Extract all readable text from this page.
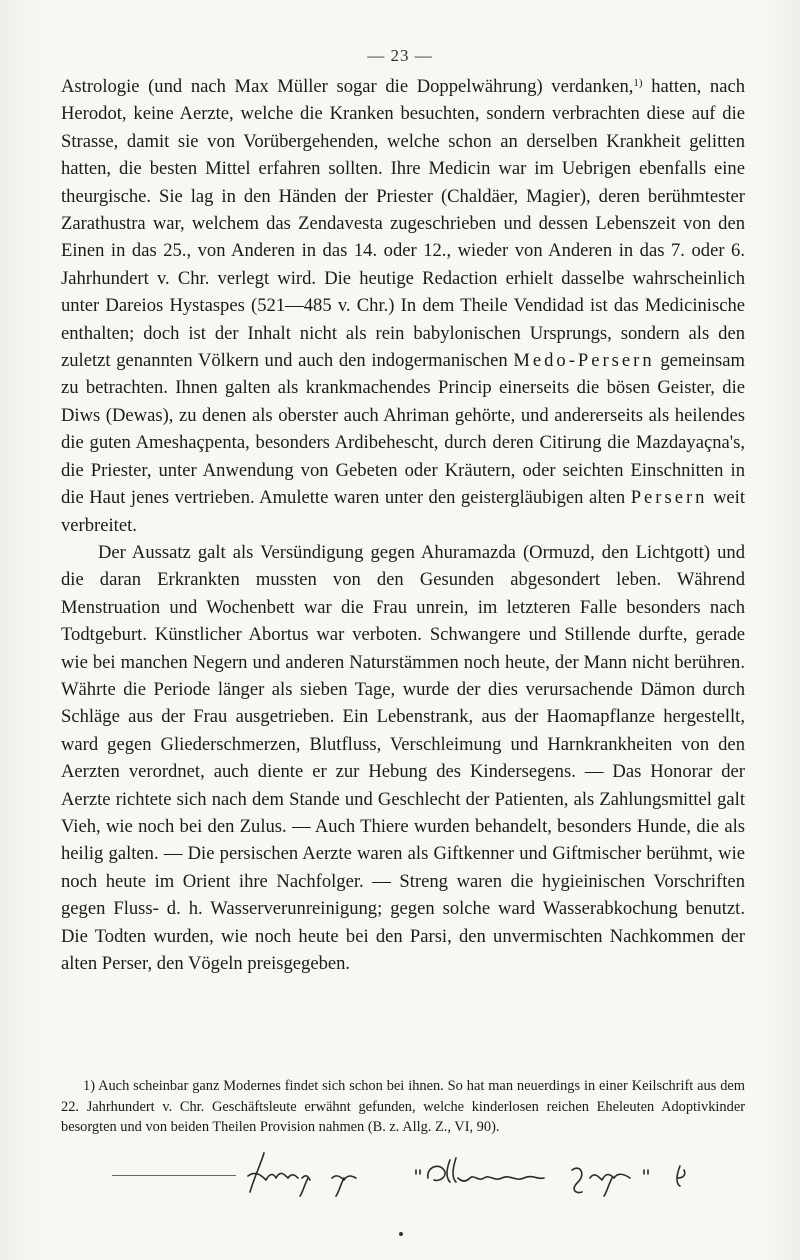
— 23 —

Astrologie (und nach Max Müller sogar die Doppelwährung) verdanken,$^{1)}$ hatten, nach Herodot, keine Aerzte, welche die Kranken besuchten, sondern verbrachten diese auf die Strasse, damit sie von Vorübergehenden, welche schon an derselben Krankheit gelitten hatten, die besten Mittel erfahren sollten. Ihre Medicin war im Uebrigen ebenfalls eine theurgische. Sie lag in den Händen der Priester (Chaldäer, Magier), deren berühmtester Zarathustra war, welchem das Zendavesta zugeschrieben und dessen Lebenszeit von den Einen in das 25., von Anderen in das 14. oder 12., wieder von Anderen in das 7. oder 6. Jahrhundert v. Chr. verlegt wird. Die heutige Redaction erhielt dasselbe wahrscheinlich unter Dareios Hystaspes (521—485 v. Chr.) In dem Theile Vendidad ist das Medicinische enthalten; doch ist der Inhalt nicht als rein babylonischen Ursprungs, sondern als den zuletzt genannten Völkern und auch den indogermanischen Medo-Persern gemeinsam zu betrachten. Ihnen galten als krankmachendes Princip einerseits die bösen Geister, die Diws (Dewas), zu denen als oberster auch Ahriman gehörte, und andererseits als heilendes die guten Ameshaçpenta, besonders Ardibehescht, durch deren Citirung die Mazdayaçna's, die Priester, unter Anwendung von Gebeten oder Kräutern, oder seichten Einschnitten in die Haut jenes vertrieben. Amulette waren unter den geistergläubigen alten Persern weit verbreitet.

Der Aussatz galt als Versündigung gegen Ahuramazda (Ormuzd, den Lichtgott) und die daran Erkrankten mussten von den Gesunden abgesondert leben. Während Menstruation und Wochenbett war die Frau unrein, im letzteren Falle besonders nach Todtgeburt. Künstlicher Abortus war verboten. Schwangere und Stillende durfte, gerade wie bei manchen Negern und anderen Naturstämmen noch heute, der Mann nicht berühren. Währte die Periode länger als sieben Tage, wurde der dies verursachende Dämon durch Schläge aus der Frau ausgetrieben. Ein Lebenstrank, aus der Haomapflanze hergestellt, ward gegen Gliederschmerzen, Blutfluss, Verschleimung und Harnkrankheiten von den Aerzten verordnet, auch diente er zur Hebung des Kindersegens. — Das Honorar der Aerzte richtete sich nach dem Stande und Geschlecht der Patienten, als Zahlungsmittel galt Vieh, wie noch bei den Zulus. — Auch Thiere wurden behandelt, besonders Hunde, die als heilig galten. — Die persischen Aerzte waren als Giftkenner und Giftmischer berühmt, wie noch heute im Orient ihre Nachfolger. — Streng waren die hygieinischen Vorschriften gegen Fluss- d. h. Wasserverunreinigung; gegen solche ward Wasserabkochung benutzt. Die Todten wurden, wie noch heute bei den Parsi, den unvermischten Nachkommen der alten Perser, den Vögeln preisgegeben.

1) Auch scheinbar ganz Modernes findet sich schon bei ihnen. So hat man neuerdings in einer Keilschrift aus dem 22. Jahrhundert v. Chr. Geschäftsleute erwähnt gefunden, welche kinderlosen reichen Eheleuten Adoptivkinder besorgten und von beiden Theilen Provision nahmen (B. z. Allg. Z., VI, 90).
